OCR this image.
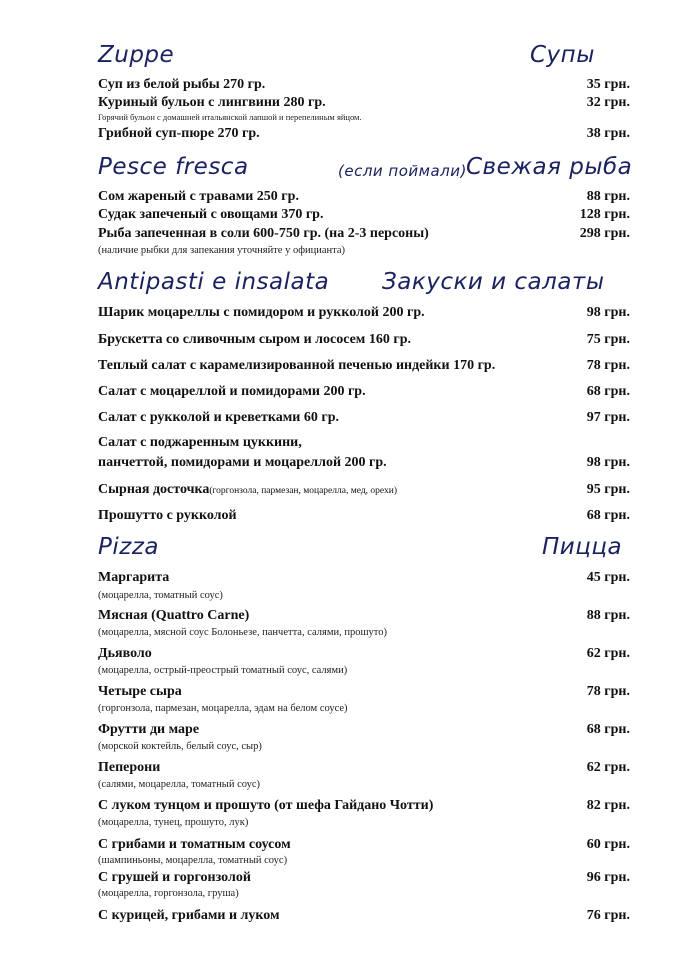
Zuppe	Супы
Суп из белой рыбы 270 гр.	35 грн.
Куриный бульон с лингвини 280 гр.	32 грн.
Горячий бульон с домашней итальянской лапшой и перепелиным яйцом.
Грибной суп-пюре 270 гр.	38 грн.
Pesce fresca	Свежая рыба
(если поймали)
Сом жареный с травами 250 гр.	88 грн.
Судак запеченый с овощами 370 гр.	128 грн.
Рыба запеченная в соли 600-750 гр. (на 2-3 персоны)	298 грн.
(наличие рыбки для запекания уточняйте у официанта)
Antipasti e insalata Закуски и салаты
Шарик моцареллы с помидором и рукколой 200 гр.	98 грн.
Брускетта со сливочным сыром и лососем 160 гр.	75 грн.
Теплый салат с карамелизированной печенью индейки 170 гр.	78 грн.
Салат с моцареллой и помидорами 200 гр.	68 грн.
Салат с рукколой и креветками 60 гр.	97 грн.
Салат с поджаренным цуккини,
панчеттой, помидорами и моцареллой 200 гр.	98 грн.
Сырная досточка(горгонзола, пармезан, моцарелла, мед, орехи)	95 грн.
Прошутто с рукколой	68 грн.
Pizza	Пицца
Маргарита	45 грн.
(моцарелла, томатный соус)
Мясная (Quattro Carne)	88 грн.
(моцарелла, мясной соус Болоньезе, панчетта, салями, прошуто)
Дьяволо	62 грн.
(моцарелла, острый-преострый томатный соус, салями)
Четыре сыра	78 грн.
(горгонзола, пармезан, моцарелла, эдам на белом соусе)
Фрутти ди маре	68 грн.
(морской коктейль, белый соус, сыр)
Пеперони	62 грн.
(салями, моцарелла, томатный соус)
С луком тунцом и прошуто (от шефа Гайдано Чотти)	82 грн.
(моцарелла, тунец, прошуто, лук)
С грибами и томатным соусом	60 грн.
(шампиньоны, моцарелла, томатный соус)
С грушей и горгонзолой	96 грн.
(моцарелла, горгонзола, груша)
С курицей, грибами и луком	76 грн.
